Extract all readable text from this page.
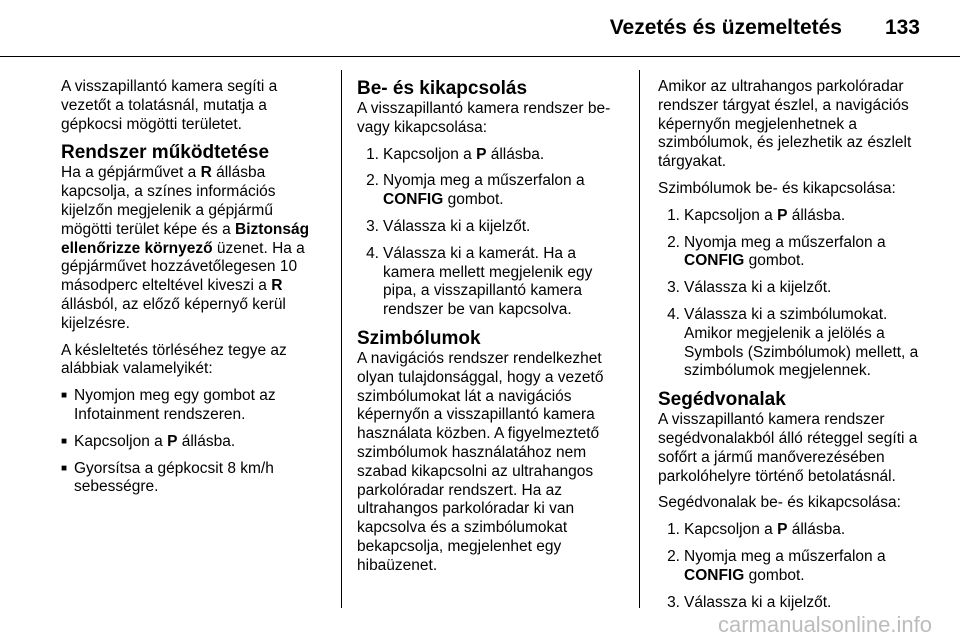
Vezetés és üzemeltetés 133

A visszapillantó kamera segíti a vezetőt a tolatásnál, mutatja a gépkocsi mögötti területet.

Rendszer működtetése

Ha a gépjárművet a R állásba kapcsolja, a színes információs kijelzőn megjelenik a gépjármű mögötti terület képe és a Biztonság ellenőrizze környező üzenet. Ha a gépjárművet hozzávetőlegesen 10 másodperc elteltével kiveszi a R állásból, az előző képernyő kerül kijelzésre.

A késleltetés törléséhez tegye az alábbiak valamelyikét:

■ Nyomjon meg egy gombot az Infotainment rendszeren.
■ Kapcsoljon a P állásba.
■ Gyorsítsa a gépkocsit 8 km/h sebességre.
Be- és kikapcsolás

A visszapillantó kamera rendszer be- vagy kikapcsolása:

1. Kapcsoljon a P állásba.
2. Nyomja meg a műszerfalon a CONFIG gombot.
3. Válassza ki a kijelzőt.
4. Válassza ki a kamerát. Ha a kamera mellett megjelenik egy pipa, a visszapillantó kamera rendszer be van kapcsolva.
Szimbólumok

A navigációs rendszer rendelkezhet olyan tulajdonsággal, hogy a vezető szimbólumokat lát a navigációs képernyőn a visszapillantó kamera használata közben. A figyelmeztető szimbólumok használatához nem szabad kikapcsolni az ultrahangos parkolóradar rendszert. Ha az ultrahangos parkolóradar ki van kapcsolva és a szimbólumokat bekapcsolja, megjelenhet egy hibaüzenet.

Amikor az ultrahangos parkolóradar rendszer tárgyat észlel, a navigációs képernyőn megjelenhetnek a szimbólumok, és jelezhetik az észlelt tárgyakat.

Szimbólumok be- és kikapcsolása:

1. Kapcsoljon a P állásba.
2. Nyomja meg a műszerfalon a CONFIG gombot.
3. Válassza ki a kijelzőt.
4. Válassza ki a szimbólumokat. Amikor megjelenik a jelölés a Symbols (Szimbólumok) mellett, a szimbólumok megjelennek.
Segédvonalak

A visszapillantó kamera rendszer segédvonalakból álló réteggel segíti a sofőrt a jármű manőverezésében parkolóhelyre történő betolatásnál.

Segédvonalak be- és kikapcsolása:

1. Kapcsoljon a P állásba.
2. Nyomja meg a műszerfalon a CONFIG gombot.
3. Válassza ki a kijelzőt.
carmanualsonline.info
